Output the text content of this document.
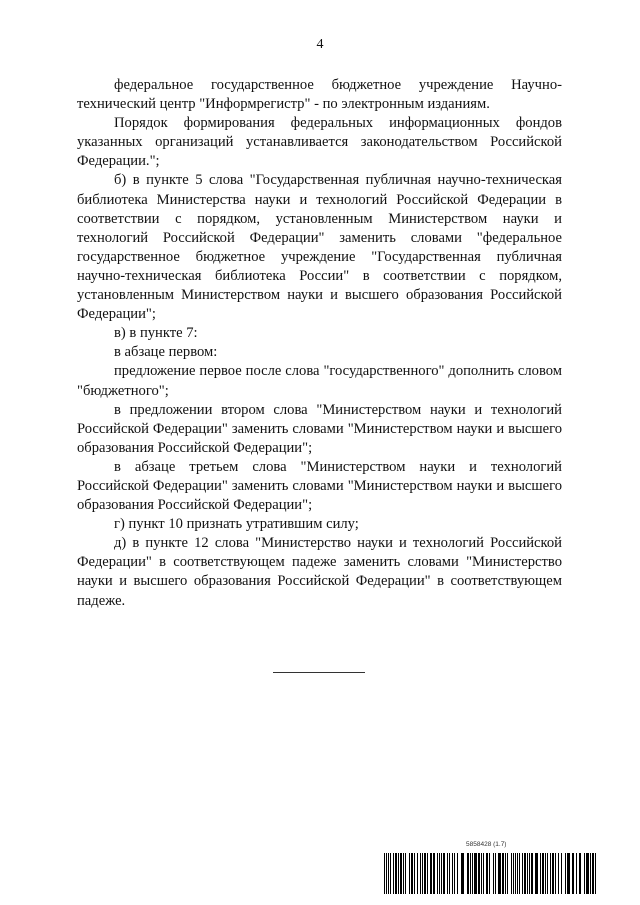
4

федеральное государственное бюджетное учреждение Научно-технический центр "Информрегистр" - по электронным изданиям.

Порядок формирования федеральных информационных фондов указанных организаций устанавливается законодательством Российской Федерации.";

б) в пункте 5 слова "Государственная публичная научно-техническая библиотека Министерства науки и технологий Российской Федерации в соответствии с порядком, установленным Министерством науки и технологий Российской Федерации" заменить словами "федеральное государственное бюджетное учреждение "Государственная публичная научно-техническая библиотека России" в соответствии с порядком, установленным Министерством науки и высшего образования Российской Федерации";

в) в пункте 7:

в абзаце первом:

предложение первое после слова "государственного" дополнить словом "бюджетного";

в предложении втором слова "Министерством науки и технологий Российской Федерации" заменить словами "Министерством науки и высшего образования Российской Федерации";

в абзаце третьем слова "Министерством науки и технологий Российской Федерации" заменить словами "Министерством науки и высшего образования Российской Федерации";

г) пункт 10 признать утратившим силу;

д) в пункте 12 слова "Министерство науки и технологий Российской Федерации" в соответствующем падеже заменить словами "Министерство науки и высшего образования Российской Федерации" в соответствующем падеже.

5858428 (1.7)
